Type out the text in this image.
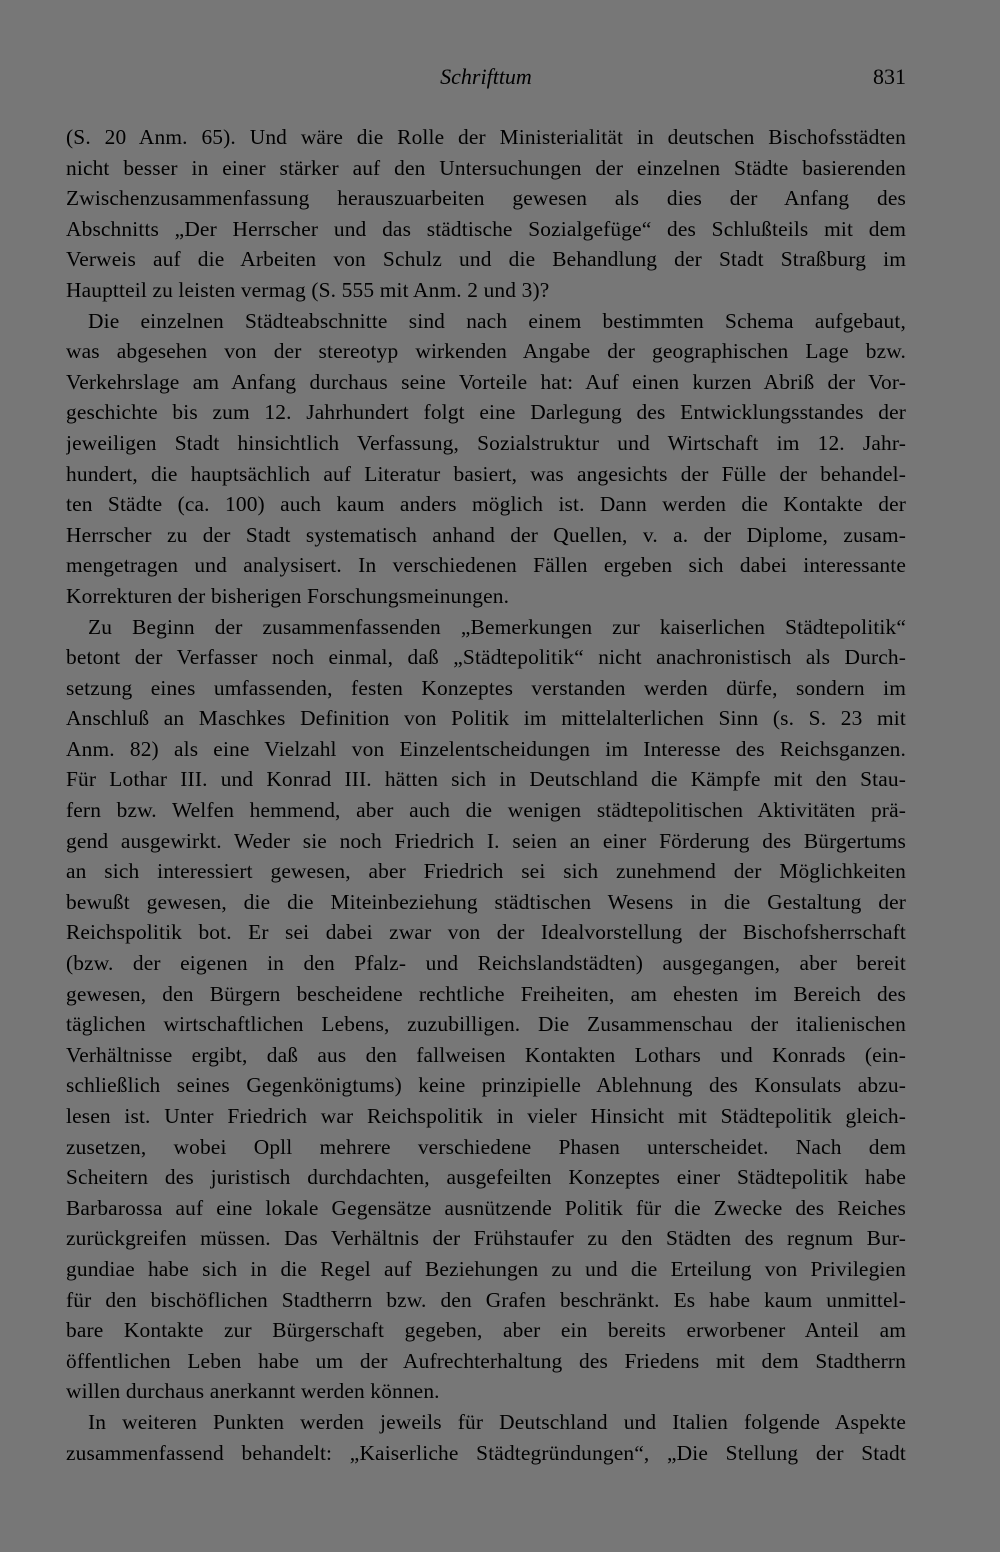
Schrifttum	831
(S. 20 Anm. 65). Und wäre die Rolle der Ministerialität in deutschen Bischofsstädten
nicht besser in einer stärker auf den Untersuchungen der einzelnen Städte basierenden
Zwischenzusammenfassung herauszuarbeiten gewesen als dies der Anfang des
Abschnitts „Der Herrscher und das städtische Sozialgefüge“ des Schlußteils mit dem
Verweis auf die Arbeiten von Schulz und die Behandlung der Stadt Straßburg im
Hauptteil zu leisten vermag (S. 555 mit Anm. 2 und 3)?
Die einzelnen Städteabschnitte sind nach einem bestimmten Schema aufgebaut,
was abgesehen von der stereotyp wirkenden Angabe der geographischen Lage bzw.
Verkehrslage am Anfang durchaus seine Vorteile hat: Auf einen kurzen Abriß der Vor-
geschichte bis zum 12. Jahrhundert folgt eine Darlegung des Entwicklungsstandes der
jeweiligen Stadt hinsichtlich Verfassung, Sozialstruktur und Wirtschaft im 12. Jahr-
hundert, die hauptsächlich auf Literatur basiert, was angesichts der Fülle der behandel-
ten Städte (ca. 100) auch kaum anders möglich ist. Dann werden die Kontakte der
Herrscher zu der Stadt systematisch anhand der Quellen, v. a. der Diplome, zusam-
mengetragen und analysisert. In verschiedenen Fällen ergeben sich dabei interessante
Korrekturen der bisherigen Forschungsmeinungen.
Zu Beginn der zusammenfassenden „Bemerkungen zur kaiserlichen Städtepolitik“
betont der Verfasser noch einmal, daß „Städtepolitik“ nicht anachronistisch als Durch-
setzung eines umfassenden, festen Konzeptes verstanden werden dürfe, sondern im
Anschluß an Maschkes Definition von Politik im mittelalterlichen Sinn (s. S. 23 mit
Anm. 82) als eine Vielzahl von Einzelentscheidungen im Interesse des Reichsganzen.
Für Lothar III. und Konrad III. hätten sich in Deutschland die Kämpfe mit den Stau-
fern bzw. Welfen hemmend, aber auch die wenigen städtepolitischen Aktivitäten prä-
gend ausgewirkt. Weder sie noch Friedrich I. seien an einer Förderung des Bürgertums
an sich interessiert gewesen, aber Friedrich sei sich zunehmend der Möglichkeiten
bewußt gewesen, die die Miteinbeziehung städtischen Wesens in die Gestaltung der
Reichspolitik bot. Er sei dabei zwar von der Idealvorstellung der Bischofsherrschaft
(bzw. der eigenen in den Pfalz- und Reichslandstädten) ausgegangen, aber bereit
gewesen, den Bürgern bescheidene rechtliche Freiheiten, am ehesten im Bereich des
täglichen wirtschaftlichen Lebens, zuzubilligen. Die Zusammenschau der italienischen
Verhältnisse ergibt, daß aus den fallweisen Kontakten Lothars und Konrads (ein-
schließlich seines Gegenkönigtums) keine prinzipielle Ablehnung des Konsulats abzu-
lesen ist. Unter Friedrich war Reichspolitik in vieler Hinsicht mit Städtepolitik gleich-
zusetzen, wobei Opll mehrere verschiedene Phasen unterscheidet. Nach dem
Scheitern des juristisch durchdachten, ausgefeilten Konzeptes einer Städtepolitik habe
Barbarossa auf eine lokale Gegensätze ausnützende Politik für die Zwecke des Reiches
zurückgreifen müssen. Das Verhältnis der Frühstaufer zu den Städten des regnum Bur-
gundiae habe sich in die Regel auf Beziehungen zu und die Erteilung von Privilegien
für den bischöflichen Stadtherrn bzw. den Grafen beschränkt. Es habe kaum unmittel-
bare Kontakte zur Bürgerschaft gegeben, aber ein bereits erworbener Anteil am
öffentlichen Leben habe um der Aufrechterhaltung des Friedens mit dem Stadtherrn
willen durchaus anerkannt werden können.
In weiteren Punkten werden jeweils für Deutschland und Italien folgende Aspekte
zusammenfassend behandelt: „Kaiserliche Städtegründungen“, „Die Stellung der Stadt
